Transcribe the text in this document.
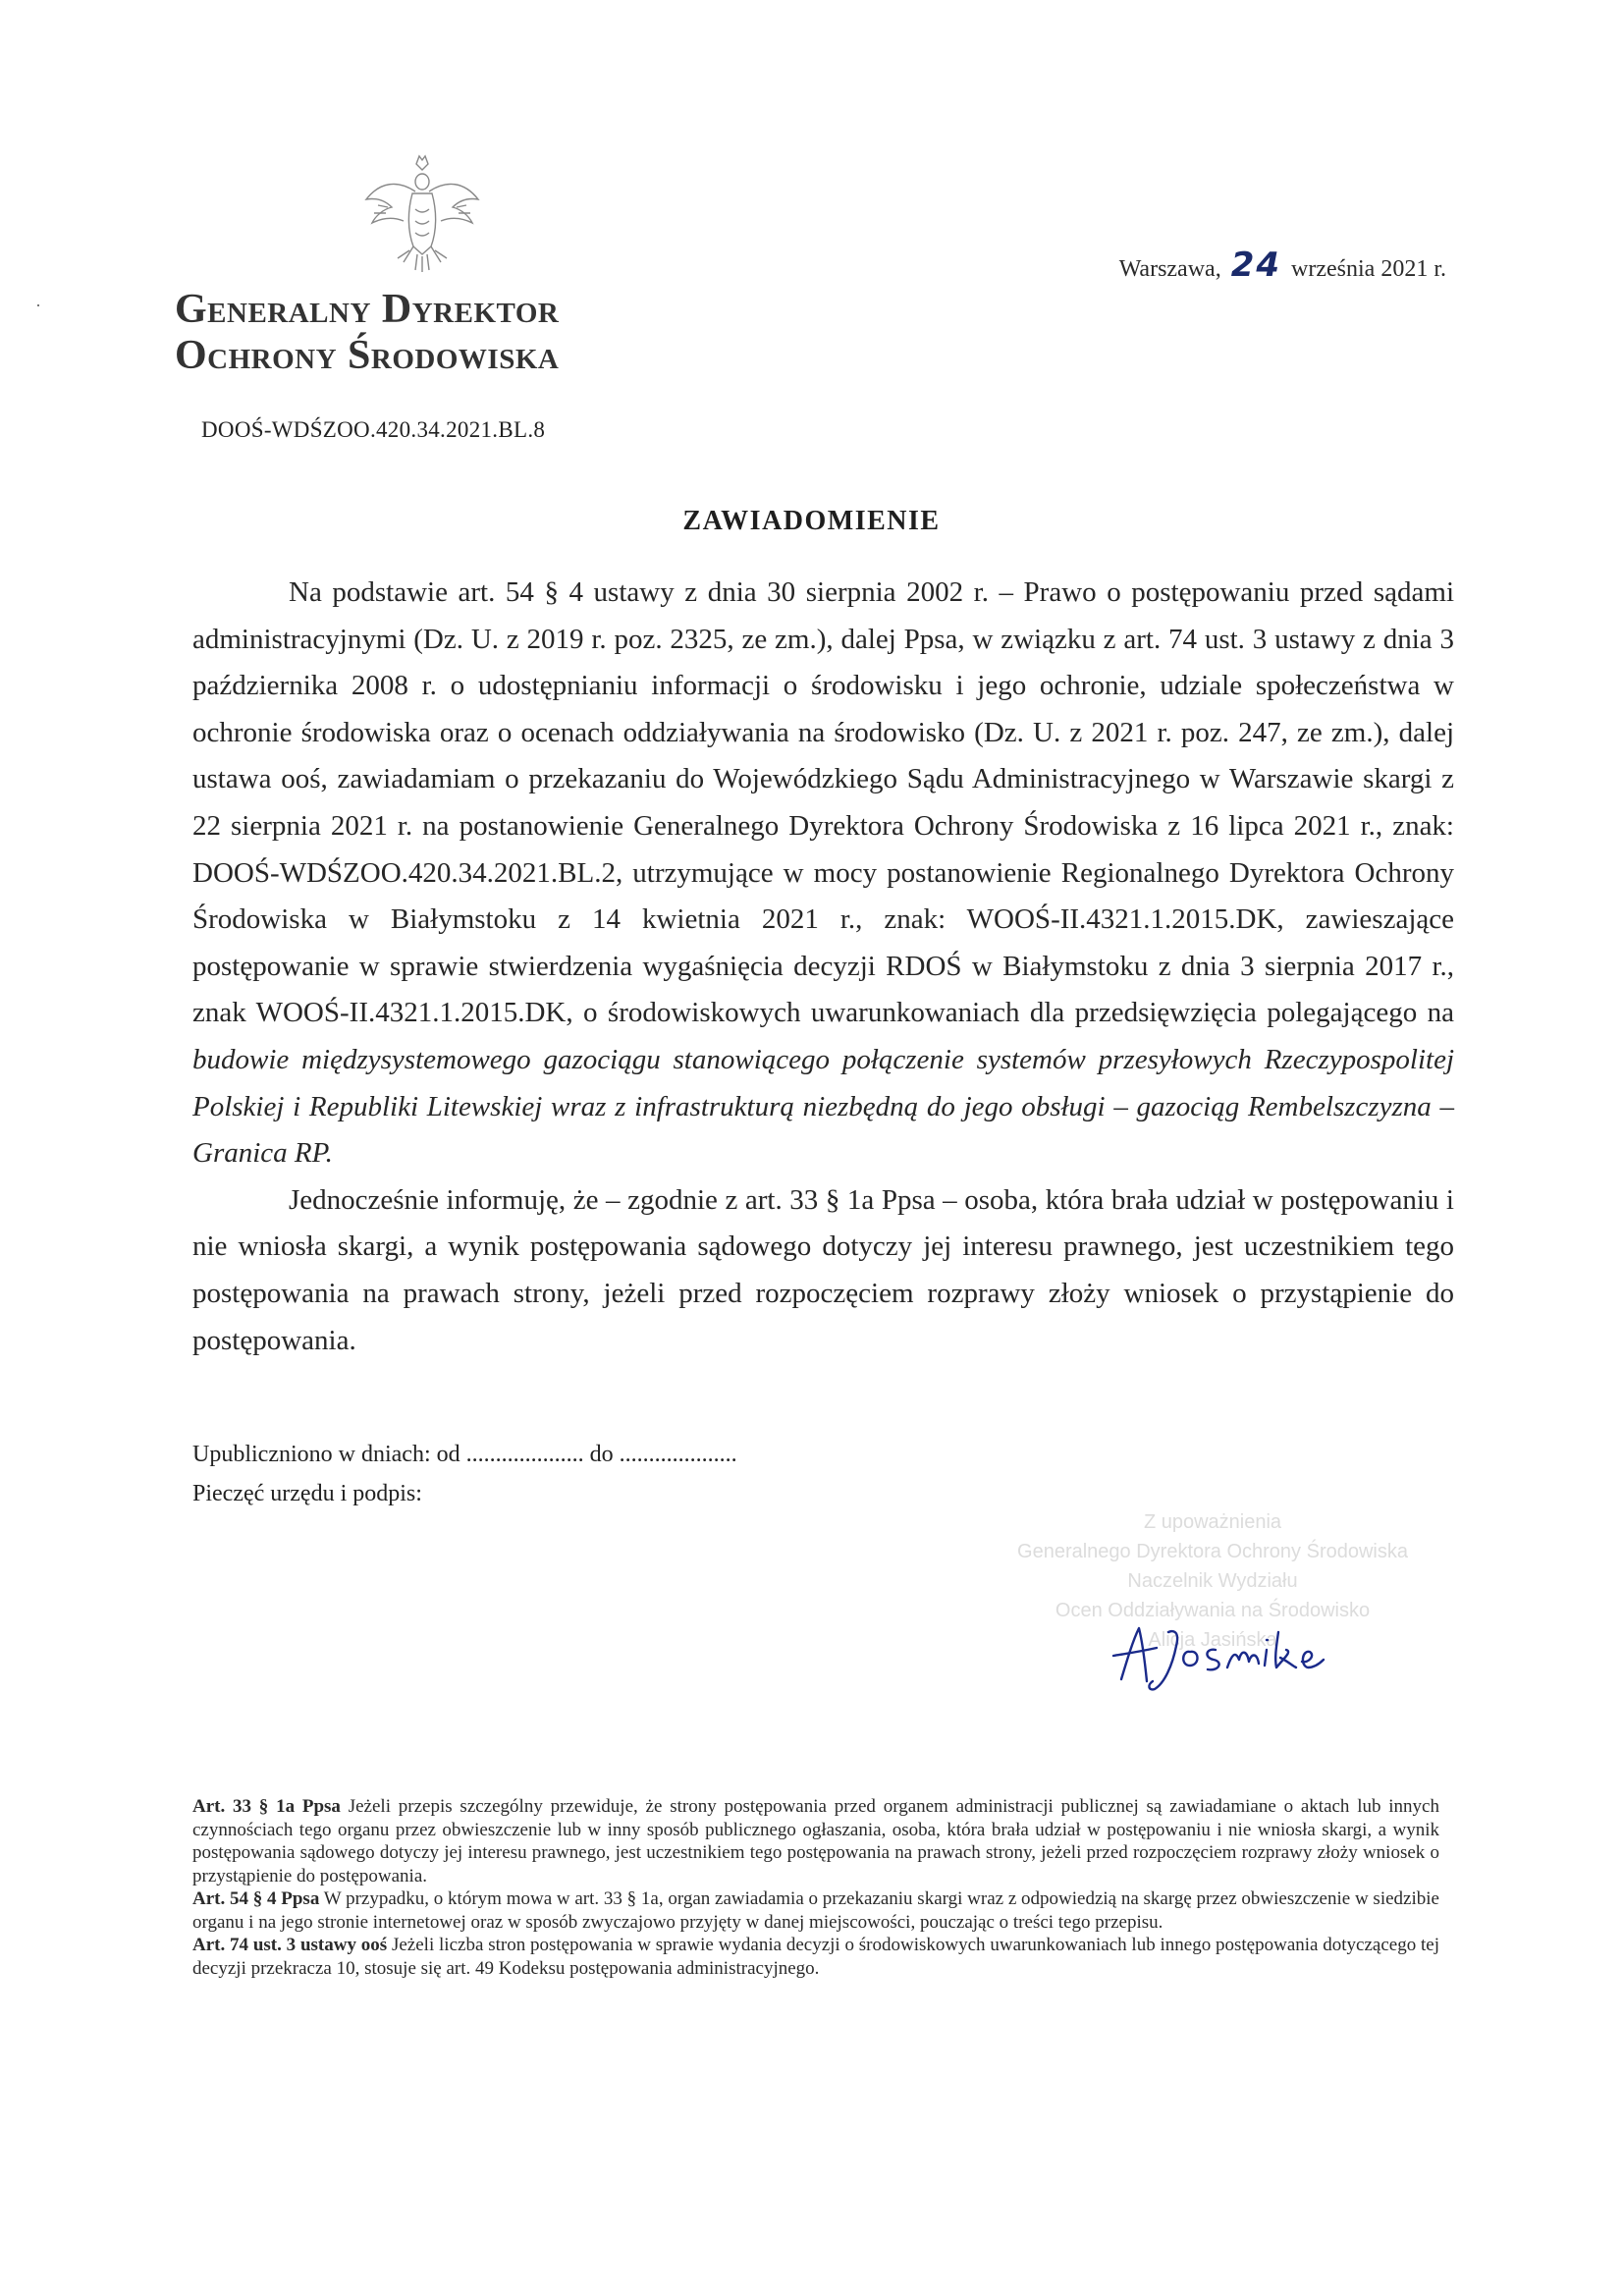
Warszawa, 24 września 2021 r.
Generalny Dyrektor
Ochrony Środowiska
DOOŚ-WDŚZOO.420.34.2021.BL.8
ZAWIADOMIENIE

Na podstawie art. 54 § 4 ustawy z dnia 30 sierpnia 2002 r. – Prawo o postępowaniu przed sądami administracyjnymi (Dz. U. z 2019 r. poz. 2325, ze zm.), dalej Ppsa, w związku z art. 74 ust. 3 ustawy z dnia 3 października 2008 r. o udostępnianiu informacji o środowisku i jego ochronie, udziale społeczeństwa w ochronie środowiska oraz o ocenach oddziaływania na środowisko (Dz. U. z 2021 r. poz. 247, ze zm.), dalej ustawa ooś, zawiadamiam o przekazaniu do Wojewódzkiego Sądu Administracyjnego w Warszawie skargi z 22 sierpnia 2021 r. na postanowienie Generalnego Dyrektora Ochrony Środowiska z 16 lipca 2021 r., znak: DOOŚ-WDŚZOO.420.34.2021.BL.2, utrzymujące w mocy postanowienie Regionalnego Dyrektora Ochrony Środowiska w Białymstoku z 14 kwietnia 2021 r., znak: WOOŚ-II.4321.1.2015.DK, zawieszające postępowanie w sprawie stwierdzenia wygaśnięcia decyzji RDOŚ w Białymstoku z dnia 3 sierpnia 2017 r., znak WOOŚ-II.4321.1.2015.DK, o środowiskowych uwarunkowaniach dla przedsięwzięcia polegającego na budowie międzysystemowego gazociągu stanowiącego połączenie systemów przesyłowych Rzeczypospolitej Polskiej i Republiki Litewskiej wraz z infrastrukturą niezbędną do jego obsługi – gazociąg Rembelszczyzna – Granica RP.

Jednocześnie informuję, że – zgodnie z art. 33 § 1a Ppsa – osoba, która brała udział w postępowaniu i nie wniosła skargi, a wynik postępowania sądowego dotyczy jej interesu prawnego, jest uczestnikiem tego postępowania na prawach strony, jeżeli przed rozpoczęciem rozprawy złoży wniosek o przystąpienie do postępowania.

Upubliczniono w dniach: od .................... do ....................
Pieczęć urzędu i podpis:
Z upoważnienia
Generalnego Dyrektora Ochrony Środowiska
Naczelnik Wydziału
Ocen Oddziaływania na Środowisko
Alicja Jasińska

Art. 33 § 1a Ppsa Jeżeli przepis szczególny przewiduje, że strony postępowania przed organem administracji publicznej są zawiadamiane o aktach lub innych czynnościach tego organu przez obwieszczenie lub w inny sposób publicznego ogłaszania, osoba, która brała udział w postępowaniu i nie wniosła skargi, a wynik postępowania sądowego dotyczy jej interesu prawnego, jest uczestnikiem tego postępowania na prawach strony, jeżeli przed rozpoczęciem rozprawy złoży wniosek o przystąpienie do postępowania.

Art. 54 § 4 Ppsa W przypadku, o którym mowa w art. 33 § 1a, organ zawiadamia o przekazaniu skargi wraz z odpowiedzią na skargę przez obwieszczenie w siedzibie organu i na jego stronie internetowej oraz w sposób zwyczajowo przyjęty w danej miejscowości, pouczając o treści tego przepisu.

Art. 74 ust. 3 ustawy ooś Jeżeli liczba stron postępowania w sprawie wydania decyzji o środowiskowych uwarunkowaniach lub innego postępowania dotyczącego tej decyzji przekracza 10, stosuje się art. 49 Kodeksu postępowania administracyjnego.
